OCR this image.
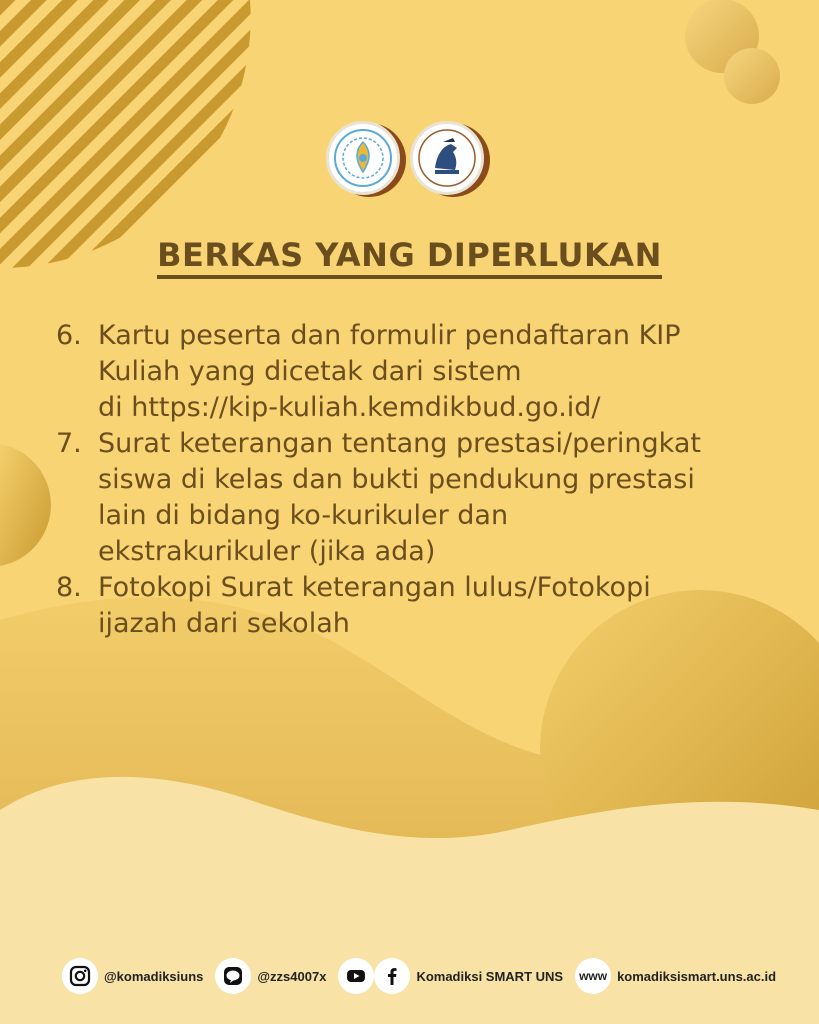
BERKAS YANG DIPERLUKAN
6. Kartu peserta dan formulir pendaftaran KIP
Kuliah yang dicetak dari sistem
di https://kip-kuliah.kemdikbud.go.id/
7. Surat keterangan tentang prestasi/peringkat
siswa di kelas dan bukti pendukung prestasi
lain di bidang ko-kurikuler dan
ekstrakurikuler (jika ada)
8. Fotokopi Surat keterangan lulus/Fotokopi
ijazah dari sekolah
@komadiksiuns	@zzs4007x	Komadiksi SMART UNS www komadiksismart.uns.ac.id
